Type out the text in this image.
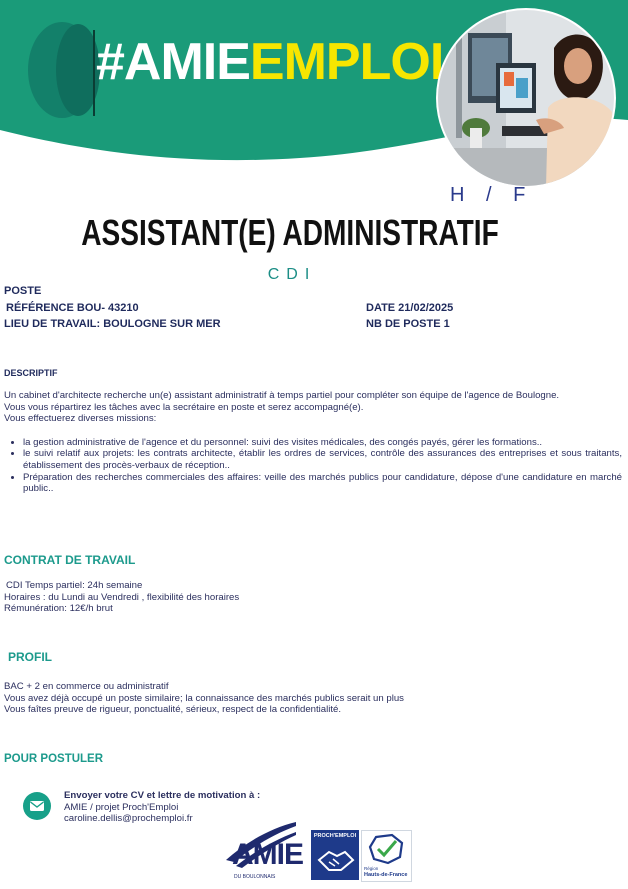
#AMIEEMPLOI
H / F
ASSISTANT(E) ADMINISTRATIF
CDI
POSTE
RÉFÉRENCE BOU- 43210
LIEU DE TRAVAIL: BOULOGNE SUR MER
DATE 21/02/2025
NB DE POSTE 1
DESCRIPTIF
Un cabinet d'architecte recherche un(e) assistant administratif à temps partiel pour compléter son équipe de l'agence de Boulogne.
Vous vous répartirez les tâches avec la secrétaire en poste et serez accompagné(e).
Vous effectuerez diverses missions:
• la gestion administrative de l'agence et du personnel: suivi des visites médicales, des congés payés, gérer les formations..
• le suivi relatif aux projets: les contrats architecte, établir les ordres de services, contrôle des assurances des entreprises et sous traitants, établissement des procès-verbaux de réception..
• Préparation des recherches commerciales des affaires: veille des marchés publics pour candidature, dépose d'une candidature en marché public..
CONTRAT DE TRAVAIL
CDI Temps partiel: 24h semaine
Horaires : du Lundi au Vendredi , flexibilité des horaires
Rémunération: 12€/h brut
PROFIL
BAC + 2 en commerce ou administratif
Vous avez déjà occupé un poste similaire; la connaissance des marchés publics serait un plus
Vous faîtes preuve de rigueur, ponctualité, sérieux, respect de la confidentialité.
POUR POSTULER
Envoyer votre CV et lettre de motivation à :
AMIE / projet Proch'Emploi
caroline.dellis@prochemploi.fr
AMIE
DU BOULONNAIS
PROCH'EMPLOI
Région
Hauts-de-France
